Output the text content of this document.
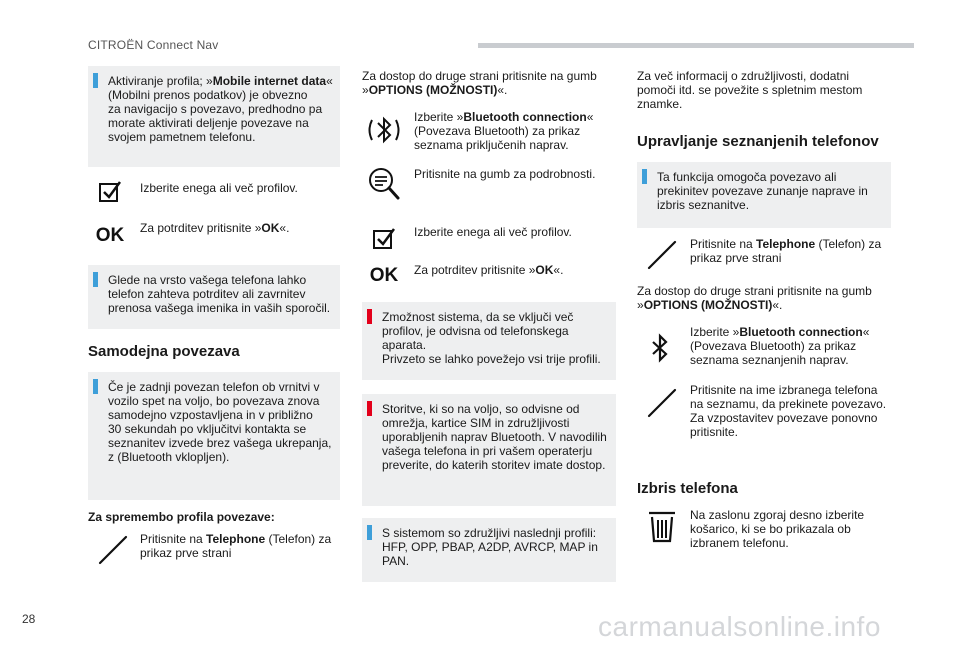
CITROËN Connect Nav
Aktiviranje profila; »Mobile internet data«
(Mobilni prenos podatkov) je obvezno
za navigacijo s povezavo, predhodno pa
morate aktivirati deljenje povezave na
svojem pametnem telefonu.
Izberite enega ali več profilov.
OK	Za potrditev pritisnite »OK«.
Glede na vrsto vašega telefona lahko
telefon zahteva potrditev ali zavrnitev
prenosa vašega imenika in vaših sporočil.
Samodejna povezava
Če je zadnji povezan telefon ob vrnitvi v
vozilo spet na voljo, bo povezava znova
samodejno vzpostavljena in v približno
30 sekundah po vključitvi kontakta se
seznanitev izvede brez vašega ukrepanja,
z (Bluetooth vklopljen).
Za spremembo profila povezave:
Pritisnite na Telephone (Telefon) za
prikaz prve strani
Za dostop do druge strani pritisnite na gumb
»OPTIONS (MOŽNOSTI)«.
Izberite »Bluetooth connection«
(Povezava Bluetooth) za prikaz
seznama priključenih naprav.
Pritisnite na gumb za podrobnosti.
Izberite enega ali več profilov.
OK	Za potrditev pritisnite »OK«.
Zmožnost sistema, da se vključi več
profilov, je odvisna od telefonskega
aparata.
Privzeto se lahko povežejo vsi trije profili.
Storitve, ki so na voljo, so odvisne od
omrežja, kartice SIM in združljivosti
uporabljenih naprav Bluetooth. V navodilih
vašega telefona in pri vašem operaterju
preverite, do katerih storitev imate dostop.
S sistemom so združljivi naslednji profili:
HFP, OPP, PBAP, A2DP, AVRCP, MAP in
PAN.
Za več informacij o združljivosti, dodatni
pomoči itd. se povežite s spletnim mestom
znamke.
Upravljanje seznanjenih telefonov
Ta funkcija omogoča povezavo ali
prekinitev povezave zunanje naprave in
izbris seznanitve.
Pritisnite na Telephone (Telefon) za
prikaz prve strani
Za dostop do druge strani pritisnite na gumb
»OPTIONS (MOŽNOSTI)«.
Izberite »Bluetooth connection«
(Povezava Bluetooth) za prikaz
seznama seznanjenih naprav.
Pritisnite na ime izbranega telefona
na seznamu, da prekinete povezavo.
Za vzpostavitev povezave ponovno
pritisnite.
Izbris telefona
Na zaslonu zgoraj desno izberite
košarico, ki se bo prikazala ob
izbranem telefonu.
28	carmanualsonline.info
